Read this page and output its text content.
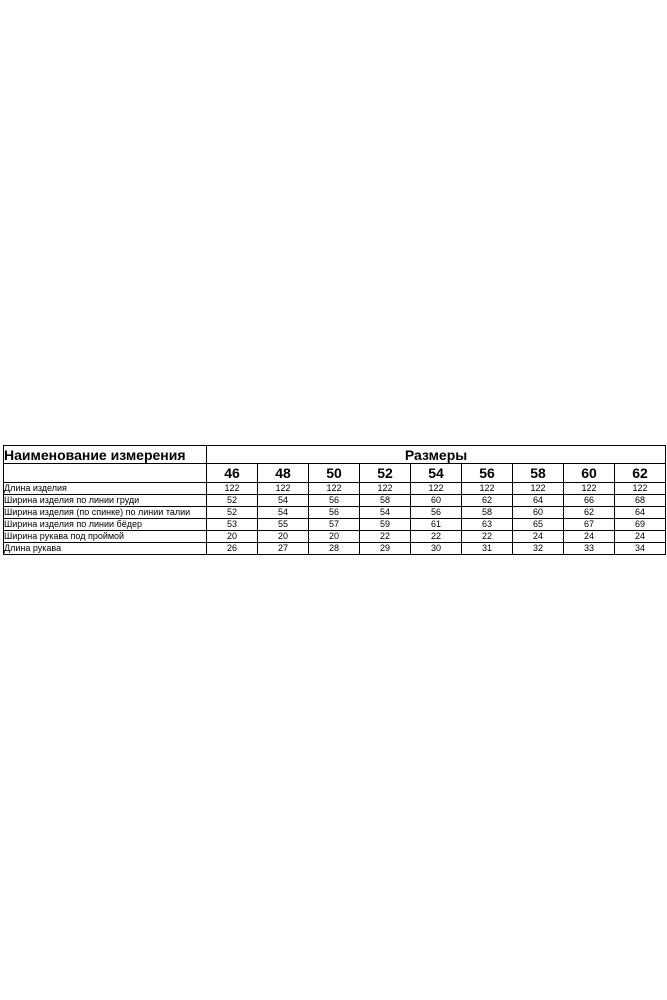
Наименование измерения	Размеры								
	46	48	50	52	54	56	58	60	62
Длина изделия	122	122	122	122	122	122	122	122	122
Ширина изделия по линии груди	52	54	56	58	60	62	64	66	68
Ширина изделия (по спинке) по линии талии	52	54	56	54	56	58	60	62	64
Ширина изделия по линии бёдер	53	55	57	59	61	63	65	67	69
Ширина рукава под проймой	20	20	20	22	22	22	24	24	24
Длина рукава	26	27	28	29	30	31	32	33	34
